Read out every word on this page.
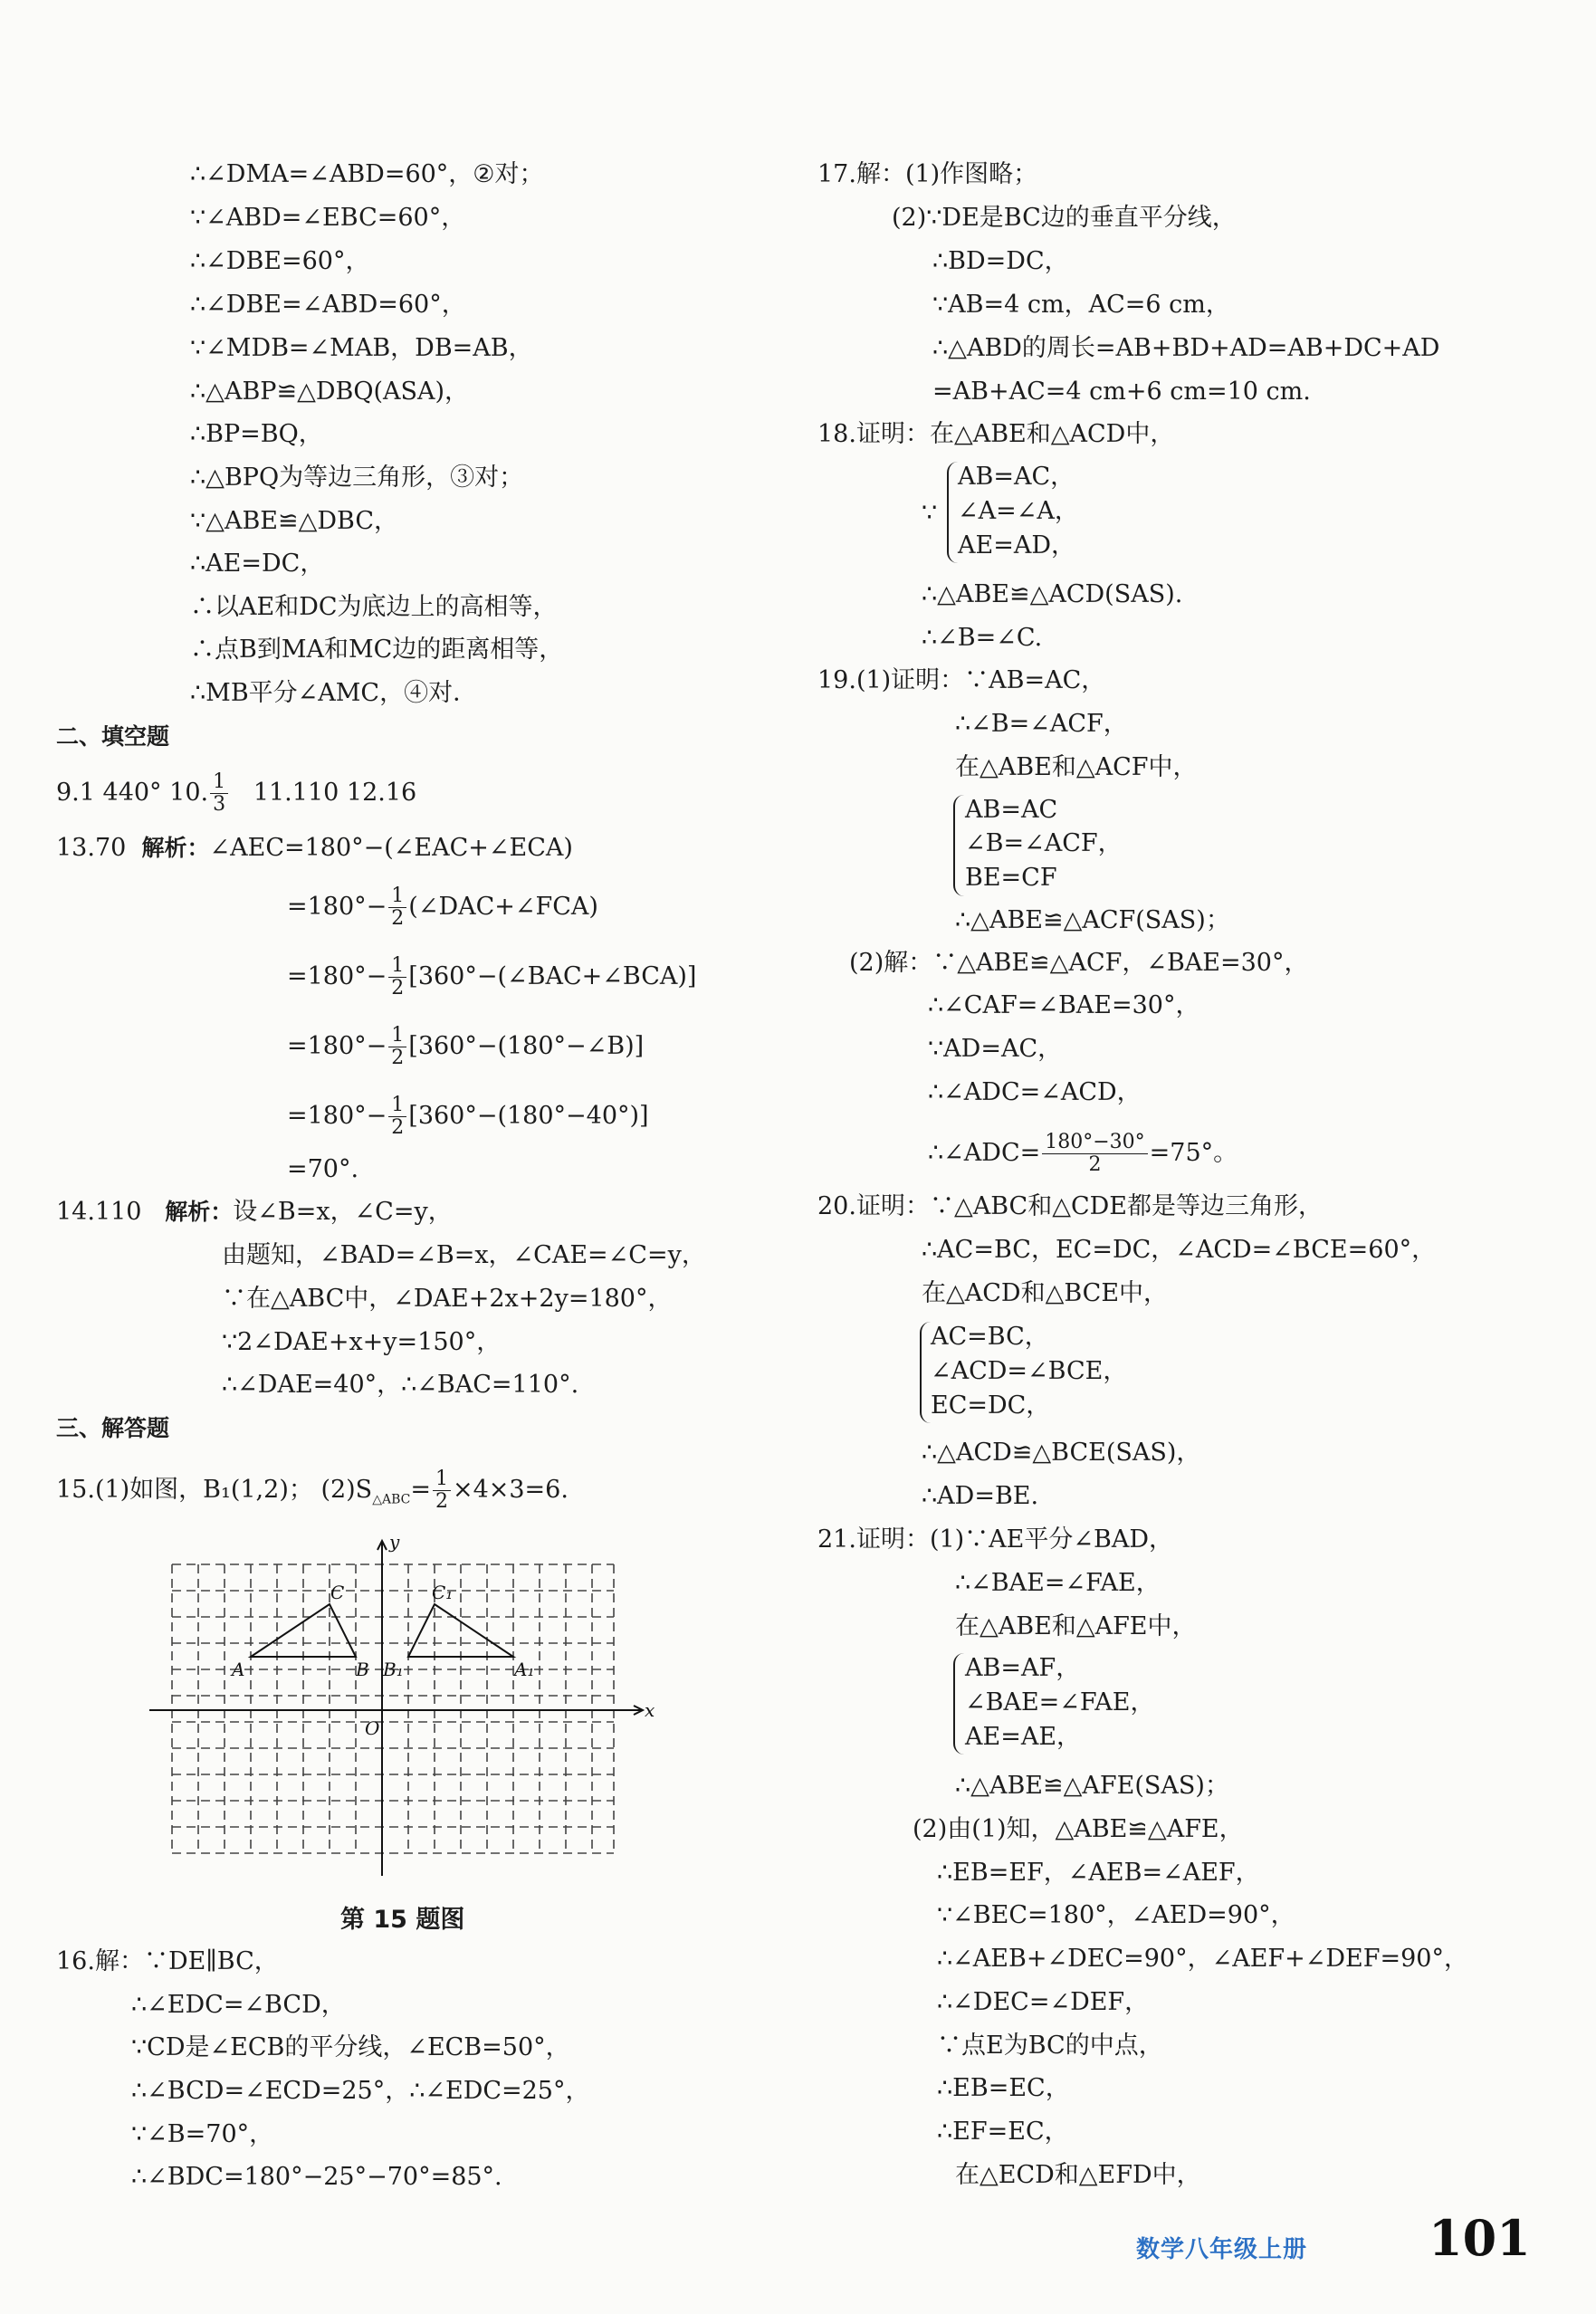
∴∠DMA=∠ABD=60°，②对；
∵∠ABD=∠EBC=60°，
∴∠DBE=60°，
∴∠DBE=∠ABD=60°，
∵∠MDB=∠MAB，DB=AB，
∴△ABP≌△DBQ(ASA)，
∴BP=BQ，
∴△BPQ为等边三角形，③对；
∵△ABE≌△DBC，
∴AE=DC，
∴以AE和DC为底边上的高相等，
∴点B到MA和MC边的距离相等，
∴MB平分∠AMC，④对．
二、填空题
9.1 440° 10. $\frac{1}{3} 11.110$ 12.16
13.70 解析：∠AEC=180°−(∠EAC+∠ECA)
$=180^\circ- \frac{1}{2}$ (∠DAC+∠FCA)
$=180^\circ- \frac{1}{2}$ [360°−(∠BAC+∠BCA)]
$=180^\circ- \frac{1}{2}$ [360°−(180°−∠B)]
$=180^\circ- \frac{1}{2} [360^\circ-(180^\circ-40^\circ)]$
=70°.
14.110 解析：设∠B=x，∠C=y，
由题知，∠BAD=∠B=x，∠CAE=∠C=y，
∵在△ABC中，∠DAE+2x+2y=180°，
∵2∠DAE+x+y=150°，
∴∠DAE=40°，∴∠BAC=110°.
三、解答题
15.(1)如图，B₁(1,2)； $(2)S_{\triangle ABC}= \frac{1}{2} \times 4\times 3=6$.
y
x
O
A	B
C
A₁
B₁
C₁
第 15 题图
16.解：∵DE∥BC，
∴∠EDC=∠BCD，
∵CD是∠ECB的平分线，∠ECB=50°，
∴∠BCD=∠ECD=25°，∴∠EDC=25°，
∵∠B=70°，
∴∠BDC=180°−25°−70°=85°.
17.解：(1)作图略；
(2)∵DE是BC边的垂直平分线，
∴BD=DC，
∵AB=4 cm，AC=6 cm，
∴△ABD的周长=AB+BD+AD=AB+DC+AD
=AB+AC=4 cm+6 cm=10 cm.
18.证明：在△ABE和△ACD中，
∵
AB=AC，
∠A=∠A，
AE=AD，
∴△ABE≌△ACD(SAS).
∴∠B=∠C.
19.(1)证明：∵AB=AC，
∴∠B=∠ACF，
在△ABE和△ACF中，
AB=AC
∠B=∠ACF，
BE=CF
∴△ABE≌△ACF(SAS)；
(2)解：∵△ABE≌△ACF，∠BAE=30°，
∴∠CAF=∠BAE=30°，
∵AD=AC，
∴∠ADC=∠ACD，
∴∠ADC= $\frac{180^\circ-30^\circ}{2} =75^\circ$。
20.证明：∵△ABC和△CDE都是等边三角形，
∴AC=BC，EC=DC，∠ACD=∠BCE=60°，
在△ACD和△BCE中，
AC=BC，
∠ACD=∠BCE，
EC=DC，
∴△ACD≌△BCE(SAS)，
∴AD=BE.
21.证明：(1)∵AE平分∠BAD，
∴∠BAE=∠FAE，
在△ABE和△AFE中，
AB=AF，
∠BAE=∠FAE，
AE=AE，
∴△ABE≌△AFE(SAS)；
(2)由(1)知，△ABE≌△AFE，
∴EB=EF，∠AEB=∠AEF，
∵∠BEC=180°，∠AED=90°，
∴∠AEB+∠DEC=90°，∠AEF+∠DEF=90°，
∴∠DEC=∠DEF，
∵点E为BC的中点，
∴EB=EC，
∴EF=EC，
在△ECD和△EFD中，
数学八年级上册 101
